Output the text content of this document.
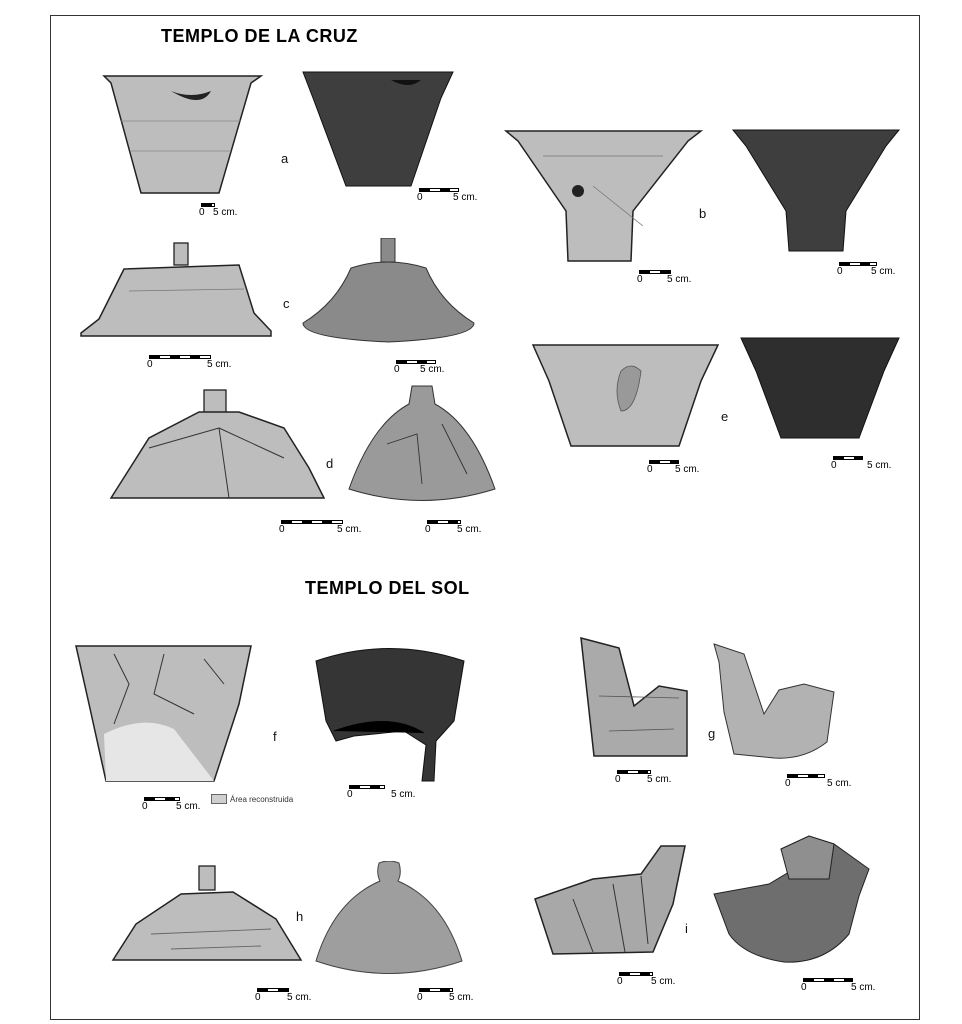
TEMPLO DE LA CRUZ
a
0 5 cm.
0	5 cm.
b
0 5 cm.
0	5 cm.
c
0	5 cm.	0 5 cm.
e
0 5 cm.	0	5 cm.
d
0	5 cm.	0	5 cm.
TEMPLO DEL SOL
f
0	5 cm.
Área reconstruida	0	5 cm.
g
0	5 cm.	0	5 cm.
h
0	5 cm.	0	5 cm.
i
0	5 cm.
0	5 cm.
